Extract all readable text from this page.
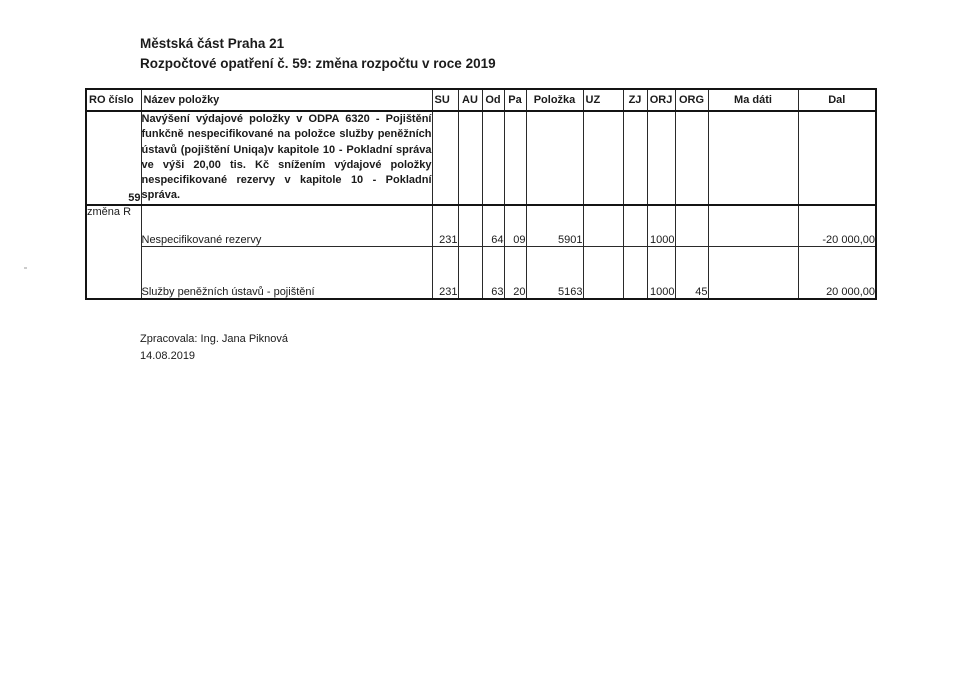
Městská část Praha 21
Rozpočtové opatření č. 59: změna rozpočtu v roce 2019
RO číslo	Název položky	SU	AU	Od	Pa	Položka	UZ	ZJ	ORJ	ORG	Ma dáti	Dal
59	Navýšení výdajové položky v ODPA 6320 - Pojištění
funkčně nespecifikované na položce služby peněžních
ústavů (pojištění Uniqa)v kapitole 10 - Pokladní správa
ve výši 20,00 tis. Kč snížením výdajové položky
nespecifikované rezervy v kapitole 10 - Pokladní správa.											

změna R	Nespecifikované rezervy	231		64	09	5901			1000			-20 000,00
	Služby peněžních ústavů - pojištění	231		63	20	5163			1000	45		20 000,00
Zpracovala: Ing. Jana Piknová
14.08.2019
